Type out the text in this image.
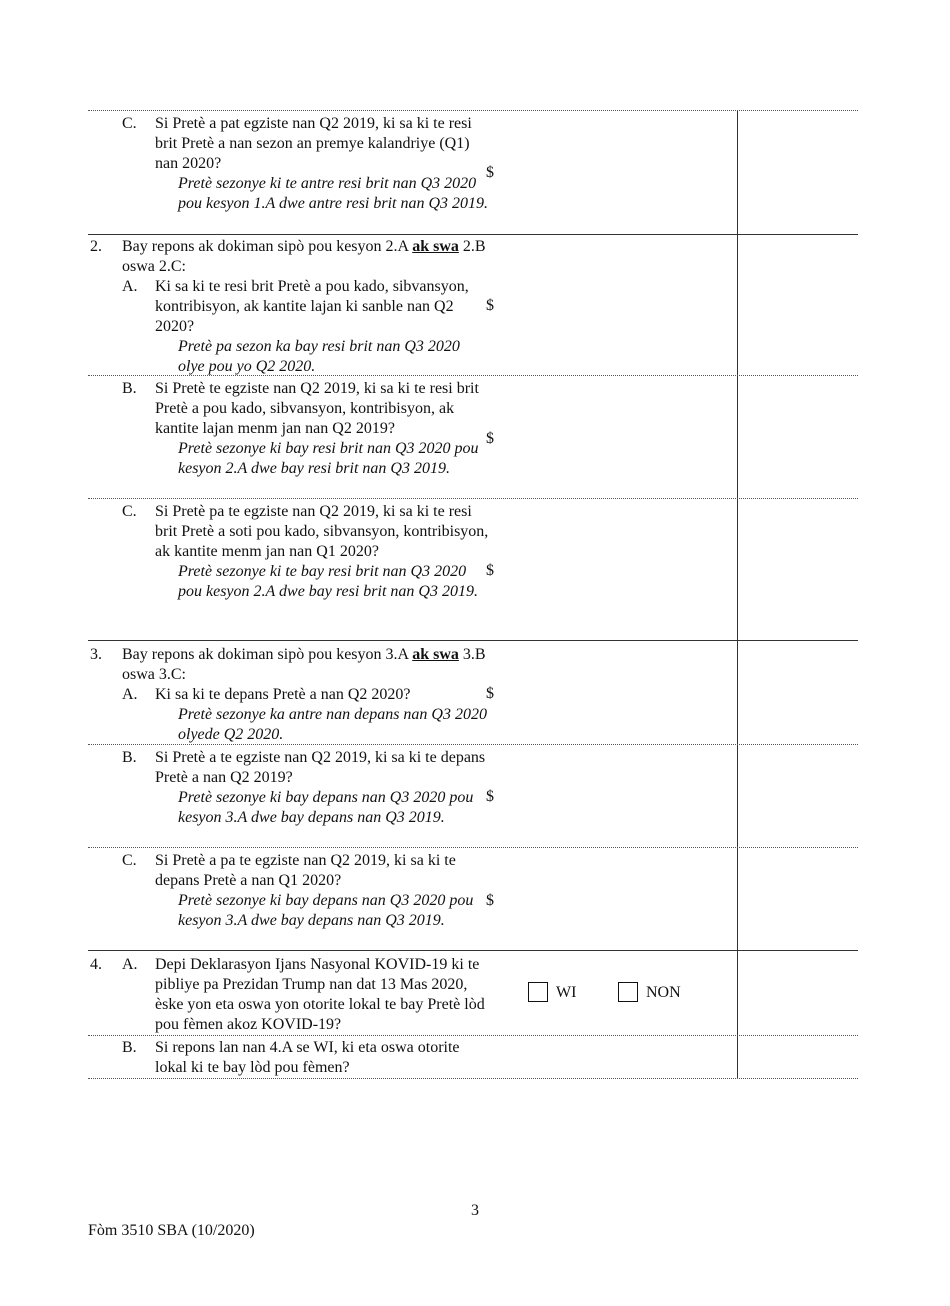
C. Si Pretè a pat egziste nan Q2 2019, ki sa ki te resi brit Pretè a nan sezon an premye kalandriye (Q1) nan 2020?
Pretè sezonye ki te antre resi brit nan Q3 2020 pou kesyon 1.A dwe antre resi brit nan Q3 2019.
$
2. Bay repons ak dokiman sipò pou kesyon 2.A ak swa 2.B oswa 2.C:
A. Ki sa ki te resi brit Pretè a pou kado, sibvansyon, kontribisyon, ak kantite lajan ki sanble nan Q2 2020?
Pretè pa sezon ka bay resi brit nan Q3 2020 olye pou yo Q2 2020.
$
B. Si Pretè te egziste nan Q2 2019, ki sa ki te resi brit Pretè a pou kado, sibvansyon, kontribisyon, ak kantite lajan menm jan nan Q2 2019?
Pretè sezonye ki bay resi brit nan Q3 2020 pou kesyon 2.A dwe bay resi brit nan Q3 2019.
$
C. Si Pretè pa te egziste nan Q2 2019, ki sa ki te resi brit Pretè a soti pou kado, sibvansyon, kontribisyon, ak kantite menm jan nan Q1 2020?
Pretè sezonye ki te bay resi brit nan Q3 2020 pou kesyon 2.A dwe bay resi brit nan Q3 2019.
$
3. Bay repons ak dokiman sipò pou kesyon 3.A ak swa 3.B oswa 3.C:
A. Ki sa ki te depans Pretè a nan Q2 2020?
Pretè sezonye ka antre nan depans nan Q3 2020 olyede Q2 2020.
$
B. Si Pretè a te egziste nan Q2 2019, ki sa ki te depans Pretè a nan Q2 2019?
Pretè sezonye ki bay depans nan Q3 2020 pou kesyon 3.A dwe bay depans nan Q3 2019.
$
C. Si Pretè a pa te egziste nan Q2 2019, ki sa ki te depans Pretè a nan Q1 2020?
Pretè sezonye ki bay depans nan Q3 2020 pou kesyon 3.A dwe bay depans nan Q3 2019.
$
4. A. Depi Deklarasyon Ijans Nasyonal KOVID-19 ki te pibliye pa Prezidan Trump nan dat 13 Mas 2020, èske yon eta oswa yon otorite lokal te bay Pretè lòd pou fèmen akoz KOVID-19?
WI	NON
B. Si repons lan nan 4.A se WI, ki eta oswa otorite lokal ki te bay lòd pou fèmen?
3
Fòm 3510 SBA (10/2020)
